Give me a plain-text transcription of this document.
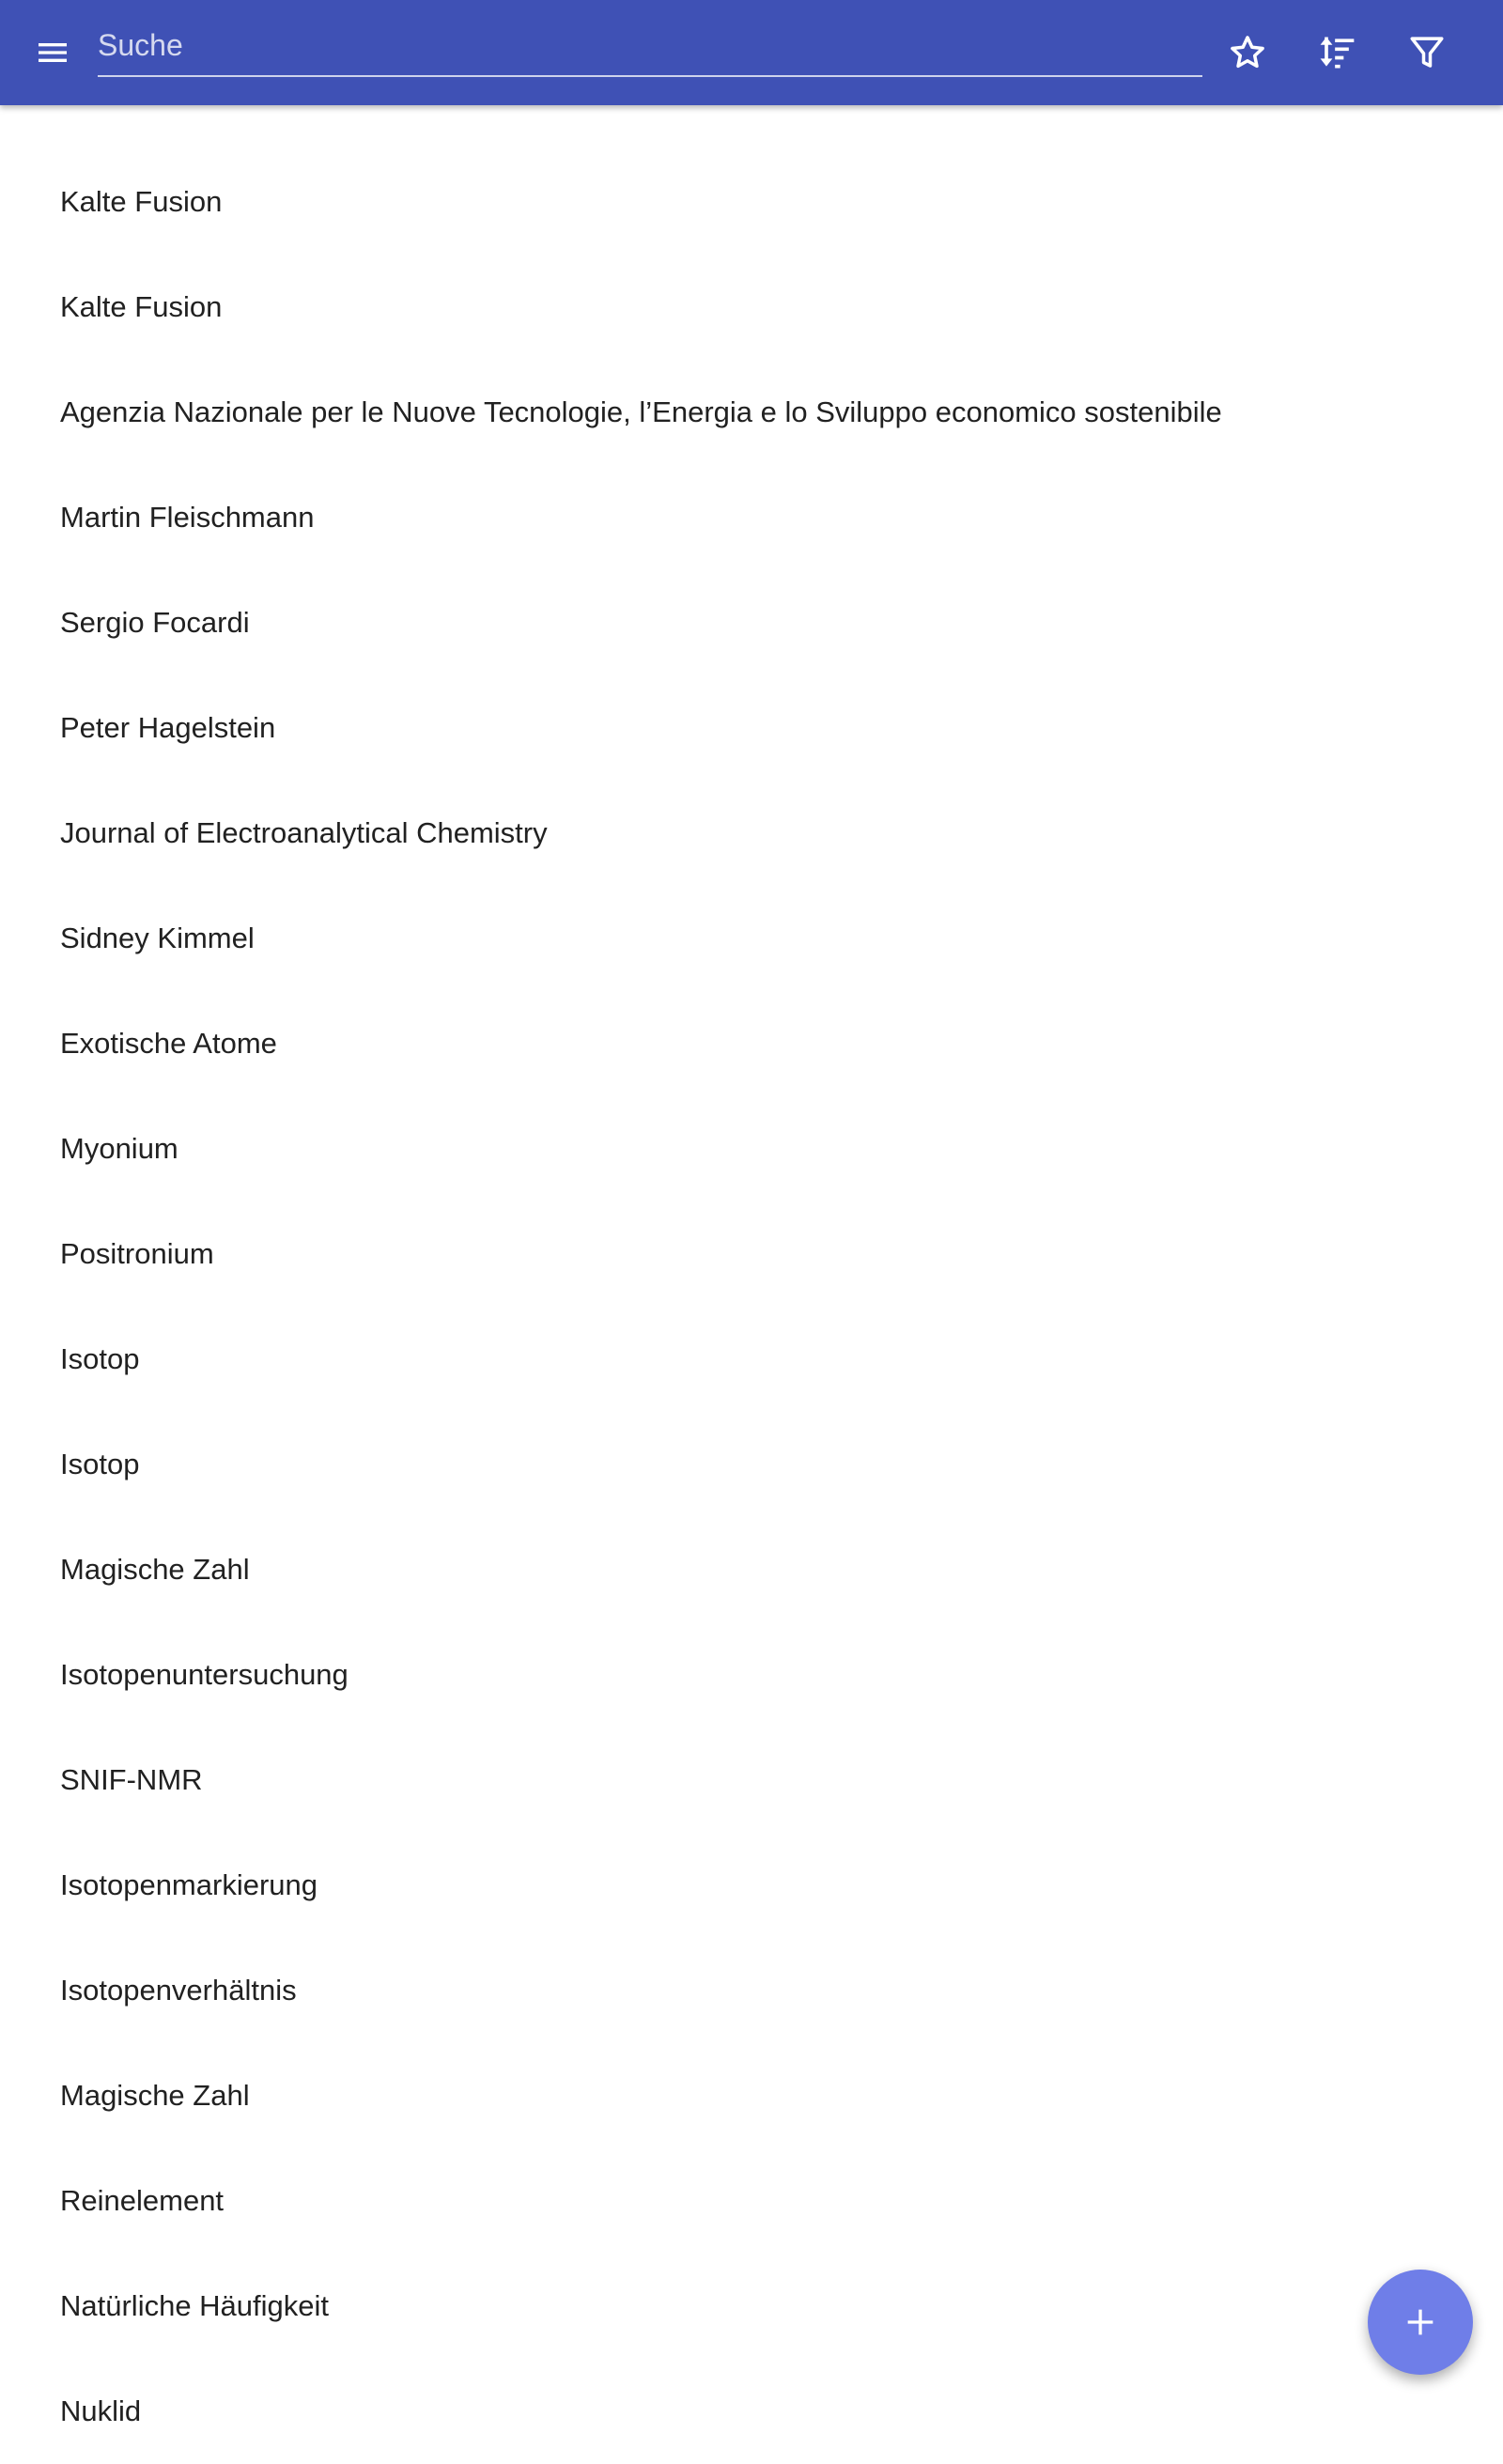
Suche
Kalte Fusion
Kalte Fusion
Agenzia Nazionale per le Nuove Tecnologie, l’Energia e lo Sviluppo economico sostenibile
Martin Fleischmann
Sergio Focardi
Peter Hagelstein
Journal of Electroanalytical Chemistry
Sidney Kimmel
Exotische Atome
Myonium
Positronium
Isotop
Isotop
Magische Zahl
Isotopenuntersuchung
SNIF-NMR
Isotopenmarkierung
Isotopenverhältnis
Magische Zahl
Reinelement
Natürliche Häufigkeit
Nuklid
